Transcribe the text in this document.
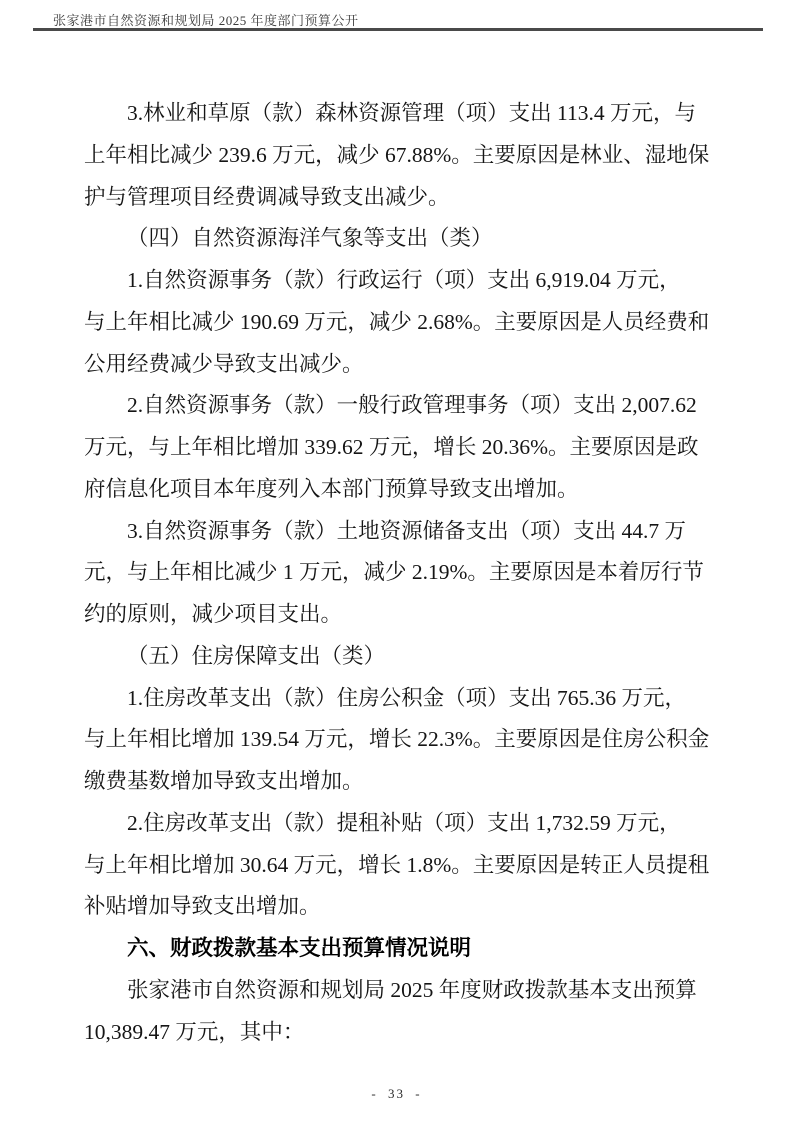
张家港市自然资源和规划局 2025 年度部门预算公开

3.林业和草原（款）森林资源管理（项）支出 113.4 万元，与
上年相比减少 239.6 万元，减少 67.88%。主要原因是林业、湿地保
护与管理项目经费调减导致支出减少。

（四）自然资源海洋气象等支出（类）

1.自然资源事务（款）行政运行（项）支出 6,919.04 万元，
与上年相比减少 190.69 万元，减少 2.68%。主要原因是人员经费和
公用经费减少导致支出减少。

2.自然资源事务（款）一般行政管理事务（项）支出 2,007.62
万元，与上年相比增加 339.62 万元，增长 20.36%。主要原因是政
府信息化项目本年度列入本部门预算导致支出增加。

3.自然资源事务（款）土地资源储备支出（项）支出 44.7 万
元，与上年相比减少 1 万元，减少 2.19%。主要原因是本着厉行节
约的原则，减少项目支出。

（五）住房保障支出（类）

1.住房改革支出（款）住房公积金（项）支出 765.36 万元，
与上年相比增加 139.54 万元，增长 22.3%。主要原因是住房公积金
缴费基数增加导致支出增加。

2.住房改革支出（款）提租补贴（项）支出 1,732.59 万元，
与上年相比增加 30.64 万元，增长 1.8%。主要原因是转正人员提租
补贴增加导致支出增加。

六、财政拨款基本支出预算情况说明

张家港市自然资源和规划局 2025 年度财政拨款基本支出预算
10,389.47 万元，其中：

- 33 -
